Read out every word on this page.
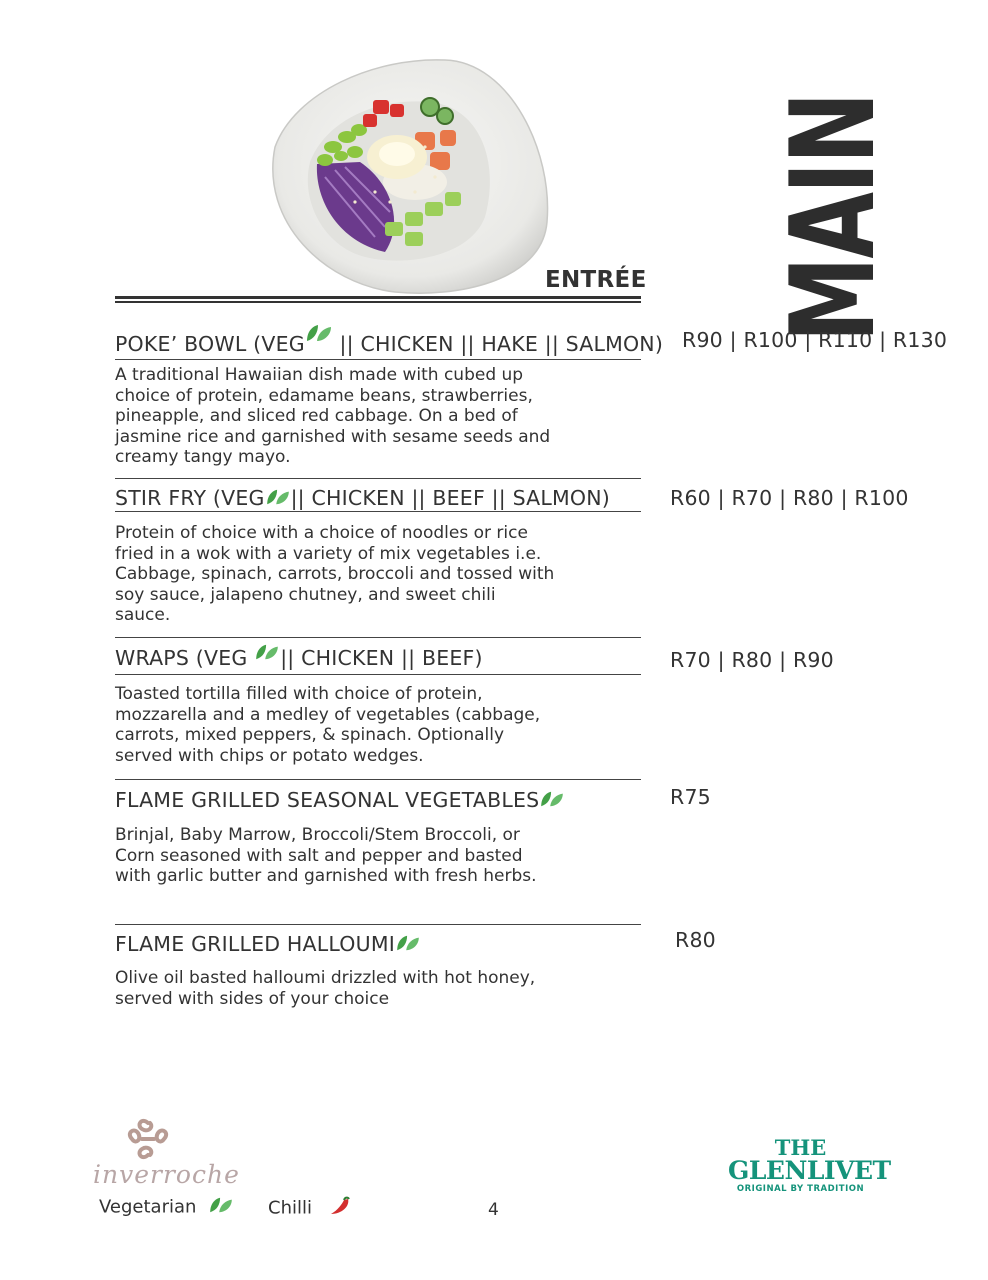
ENTRÉE MAIN
POKE’ BOWL (VEG || CHICKEN || HAKE || SALMON) R90 | R100 | R110 | R130
A traditional Hawaiian dish made with cubed up choice of protein, edamame beans, strawberries, pineapple, and sliced red cabbage. On a bed of jasmine rice and garnished with sesame seeds and creamy tangy mayo.
STIR FRY (VEG || CHICKEN || BEEF || SALMON)	R60 | R70 | R80 | R100
Protein of choice with a choice of noodles or rice fried in a wok with a variety of mix vegetables i.e. Cabbage, spinach, carrots, broccoli and tossed with soy sauce, jalapeno chutney, and sweet chili sauce.
WRAPS (VEG || CHICKEN || BEEF)	R70 | R80 | R90
Toasted tortilla filled with choice of protein, mozzarella and a medley of vegetables (cabbage, carrots, mixed peppers, & spinach. Optionally served with chips or potato wedges.
FLAME GRILLED SEASONAL VEGETABLES	R75
Brinjal, Baby Marrow, Broccoli/Stem Broccoli, or Corn seasoned with salt and pepper and basted with garlic butter and garnished with fresh herbs.
FLAME GRILLED HALLOUMI	R80
Olive oil basted halloumi drizzled with hot honey, served with sides of your choice
inverroche
Vegetarian	Chilli	4
THE
GLENLIVET
ORIGINAL BY TRADITION
